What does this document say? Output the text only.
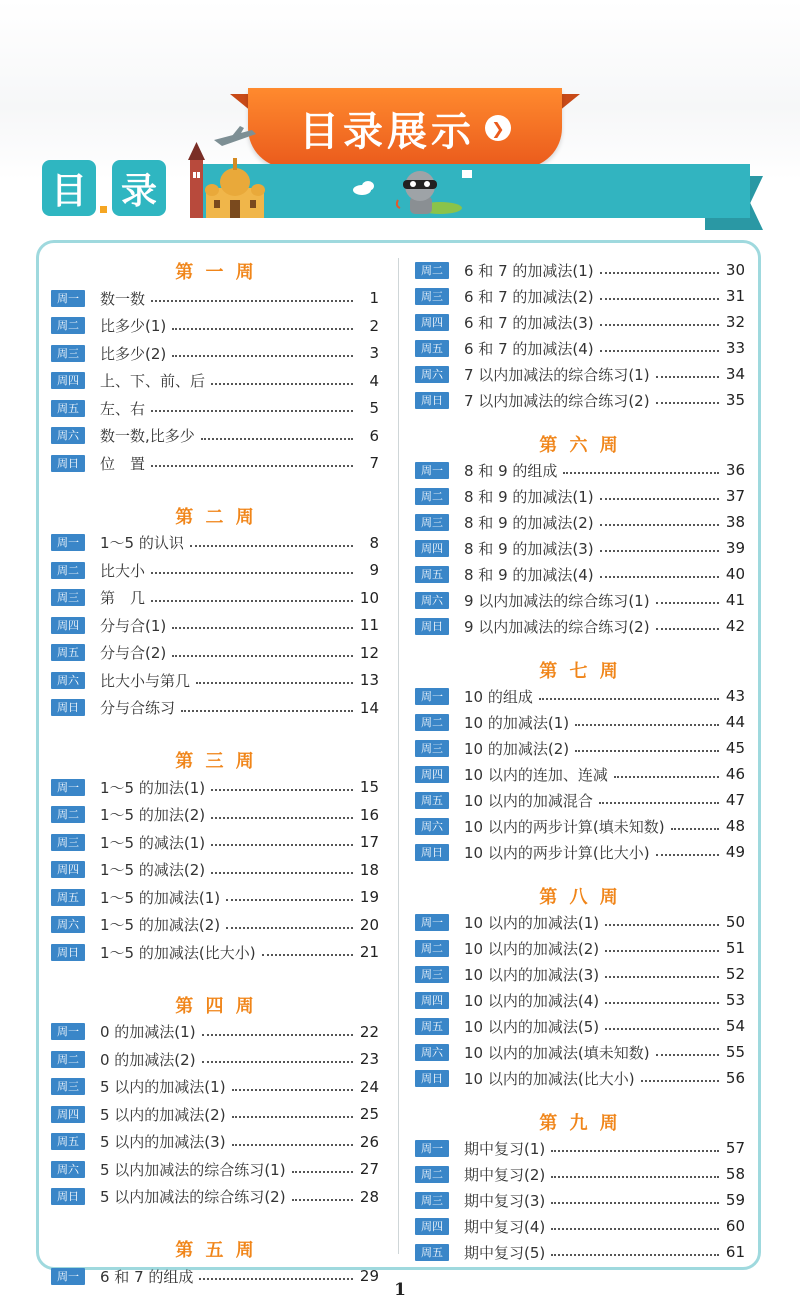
目录展示	❯
目 录
第 一 周
周一	数一数	1
周二	比多少(1)	2
周三	比多少(2)	3
周四	上、下、前、后	4
周五	左、右	5
周六	数一数,比多少	6
周日	位　置	7
第 二 周
周一	1～5 的认识	8
周二	比大小	9
周三	第　几	10
周四	分与合(1)	11
周五	分与合(2)	12
周六	比大小与第几	13
周日	分与合练习	14
第 三 周
周一	1～5 的加法(1)	15
周二	1～5 的加法(2)	16
周三	1～5 的减法(1)	17
周四	1～5 的减法(2)	18
周五	1～5 的加减法(1)	19
周六	1～5 的加减法(2)	20
周日	1～5 的加减法(比大小)	21
第 四 周
周一	0 的加减法(1)	22
周二	0 的加减法(2)	23
周三	5 以内的加减法(1)	24
周四	5 以内的加减法(2)	25
周五	5 以内的加减法(3)	26
周六	5 以内加减法的综合练习(1)	27
周日	5 以内加减法的综合练习(2)	28
第 五 周
周一	6 和 7 的组成	29
周二	6 和 7 的加减法(1)	30
周三	6 和 7 的加减法(2)	31
周四	6 和 7 的加减法(3)	32
周五	6 和 7 的加减法(4)	33
周六	7 以内加减法的综合练习(1)	34
周日	7 以内加减法的综合练习(2)	35
第 六 周
周一	8 和 9 的组成	36
周二	8 和 9 的加减法(1)	37
周三	8 和 9 的加减法(2)	38
周四	8 和 9 的加减法(3)	39
周五	8 和 9 的加减法(4)	40
周六	9 以内加减法的综合练习(1)	41
周日	9 以内加减法的综合练习(2)	42
第 七 周
周一	10 的组成	43
周二	10 的加减法(1)	44
周三	10 的加减法(2)	45
周四	10 以内的连加、连减	46
周五	10 以内的加减混合	47
周六	10 以内的两步计算(填未知数)	48
周日	10 以内的两步计算(比大小)	49
第 八 周
周一	10 以内的加减法(1)	50
周二	10 以内的加减法(2)	51
周三	10 以内的加减法(3)	52
周四	10 以内的加减法(4)	53
周五	10 以内的加减法(5)	54
周六	10 以内的加减法(填未知数)	55
周日	10 以内的加减法(比大小)	56
第 九 周
周一	期中复习(1)	57
周二	期中复习(2)	58
周三	期中复习(3)	59
周四	期中复习(4)	60
周五	期中复习(5)	61
1
